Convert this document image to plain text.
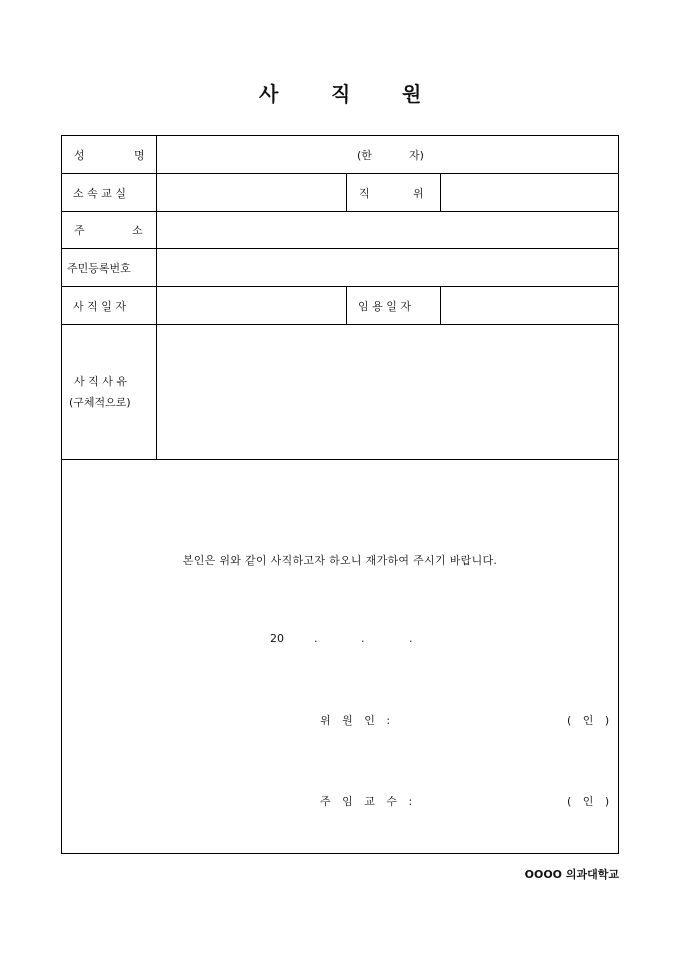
사	직	원
성	명	(한	자)
소 속 교 실	직	위
주	소
주민등록번호
사 직 일 자	임 용 일 자
사 직 사 유
(구체적으로)
본인은 위와 같이 사직하고자 하오니 재가하여 주시기 바랍니다.
20	.	.	.
위 원 인 :	( 인 )
주 임 교 수 :	( 인 )
OOOO 의과대학교
